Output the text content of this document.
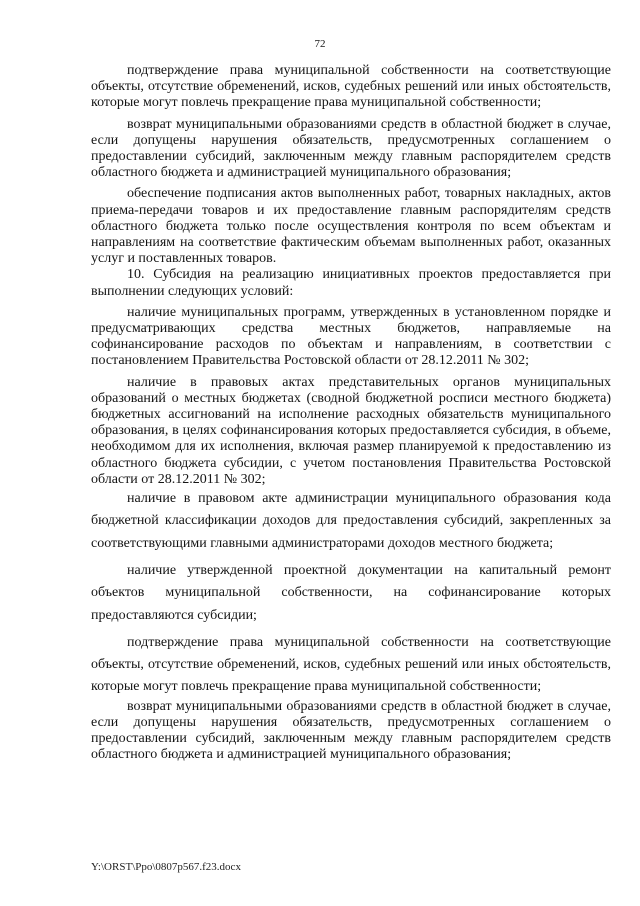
72

подтверждение права муниципальной собственности на соответствующие объекты, отсутствие обременений, исков, судебных решений или иных обстоятельств, которые могут повлечь прекращение права муниципальной собственности;

возврат муниципальными образованиями средств в областной бюджет в случае, если допущены нарушения обязательств, предусмотренных соглашением о предоставлении субсидий, заключенным между главным распорядителем средств областного бюджета и администрацией муниципального образования;

обеспечение подписания актов выполненных работ, товарных накладных, актов приема-передачи товаров и их предоставление главным распорядителям средств областного бюджета только после осуществления контроля по всем объектам и направлениям на соответствие фактическим объемам выполненных работ, оказанных услуг и поставленных товаров.

10. Субсидия на реализацию инициативных проектов предоставляется при выполнении следующих условий:

наличие муниципальных программ, утвержденных в установленном порядке и предусматривающих средства местных бюджетов, направляемые на софинансирование расходов по объектам и направлениям, в соответствии с постановлением Правительства Ростовской области от 28.12.2011 № 302;

наличие в правовых актах представительных органов муниципальных образований о местных бюджетах (сводной бюджетной росписи местного бюджета) бюджетных ассигнований на исполнение расходных обязательств муниципального образования, в целях софинансирования которых предоставляется субсидия, в объеме, необходимом для их исполнения, включая размер планируемой к предоставлению из областного бюджета субсидии, с учетом постановления Правительства Ростовской области от 28.12.2011 № 302;

наличие в правовом акте администрации муниципального образования кода бюджетной классификации доходов для предоставления субсидий, закрепленных за соответствующими главными администраторами доходов местного бюджета;

наличие утвержденной проектной документации на капитальный ремонт объектов муниципальной собственности, на софинансирование которых предоставляются субсидии;

подтверждение права муниципальной собственности на соответствующие объекты, отсутствие обременений, исков, судебных решений или иных обстоятельств, которые могут повлечь прекращение права муниципальной собственности;

возврат муниципальными образованиями средств в областной бюджет в случае, если допущены нарушения обязательств, предусмотренных соглашением о предоставлении субсидий, заключенным между главным распорядителем средств областного бюджета и администрацией муниципального образования;

Y:\ORST\Ppo\0807p567.f23.docx
